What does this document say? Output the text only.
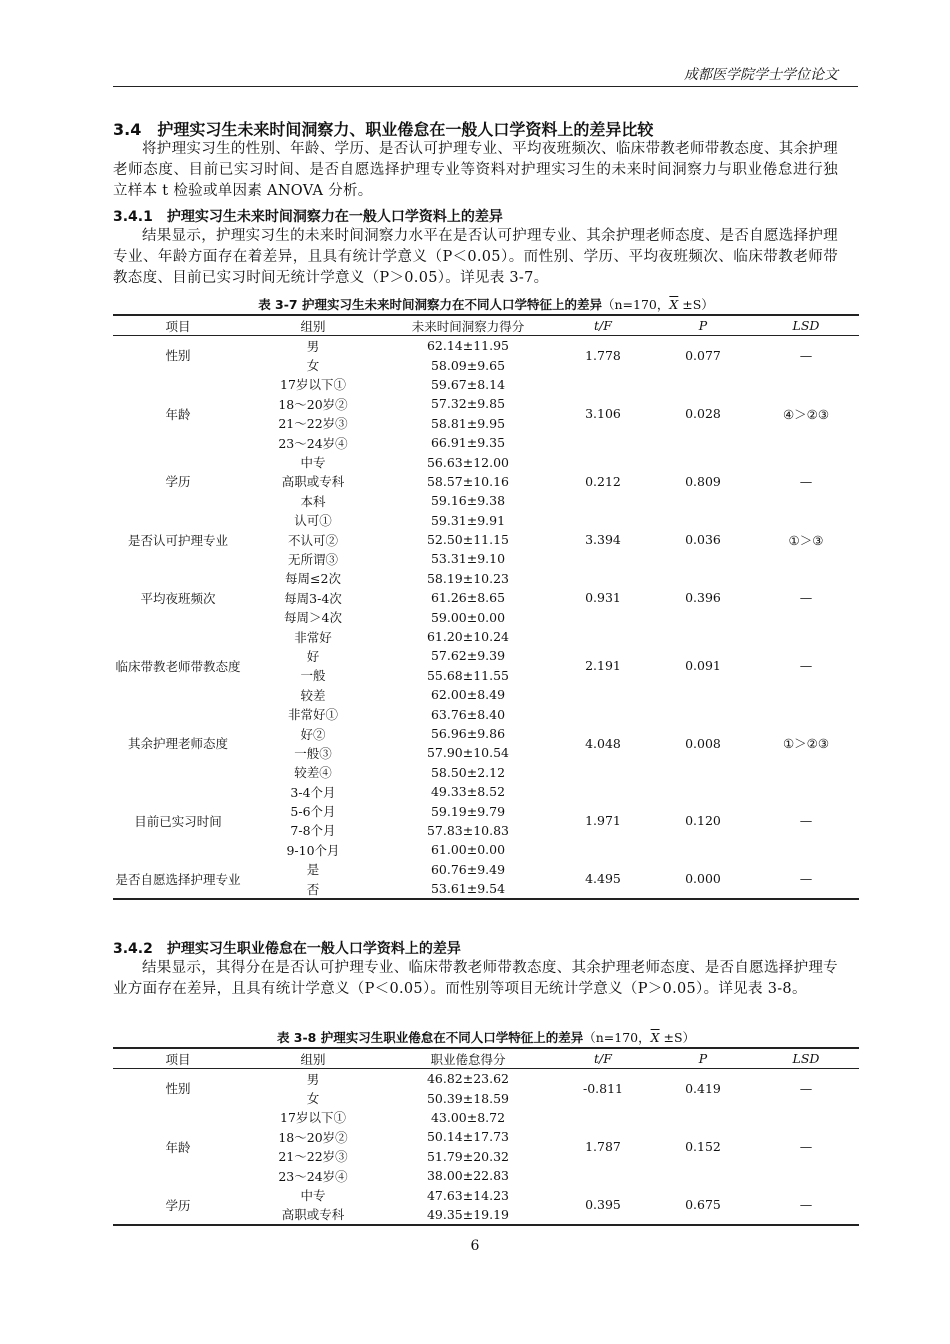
成都医学院学士学位论文
3.4　护理实习生未来时间洞察力、职业倦怠在一般人口学资料上的差异比较
将护理实习生的性别、年龄、学历、是否认可护理专业、平均夜班频次、临床带教老师带教态度、其余护理老师态度、目前已实习时间、是否自愿选择护理专业等资料对护理实习生的未来时间洞察力与职业倦怠进行独立样本 t 检验或单因素 ANOVA 分析。
3.4.1　护理实习生未来时间洞察力在一般人口学资料上的差异
结果显示，护理实习生的未来时间洞察力水平在是否认可护理专业、其余护理老师态度、是否自愿选择护理专业、年龄方面存在着差异，且具有统计学意义（P＜0.05）。而性别、学历、平均夜班频次、临床带教老师带教态度、目前已实习时间无统计学意义（P＞0.05）。详见表 3-7。
表 3-7 护理实习生未来时间洞察力在不同人口学特征上的差异（n=170，$\overline{X} \pm S$）
项目	组别	未来时间洞察力得分	t/F	P	LSD
性别	男	62.14±11.95	1.778	0.077	—
	女	58.09±9.65			
年龄	17岁以下①	59.67±8.14	3.106	0.028	④＞②③
	18～20岁②	57.32±9.85			
	21～22岁③	58.81±9.95			
	23～24岁④	66.91±9.35			
学历	中专	56.63±12.00	0.212	0.809	—
	高职或专科	58.57±10.16			
	本科	59.16±9.38			
是否认可护理专业	认可①	59.31±9.91	3.394	0.036	①＞③
	不认可②	52.50±11.15			
	无所谓③	53.31±9.10			
平均夜班频次	每周≤2次	58.19±10.23	0.931	0.396	—
	每周3-4次	61.26±8.65			
	每周＞4次	59.00±0.00			
临床带教老师带教态度	非常好	61.20±10.24	2.191	0.091	—
	好	57.62±9.39			
	一般	55.68±11.55			
	较差	62.00±8.49			
其余护理老师态度	非常好①	63.76±8.40	4.048	0.008	①＞②③
	好②	56.96±9.86			
	一般③	57.90±10.54			
	较差④	58.50±2.12			
目前已实习时间	3-4个月	49.33±8.52	1.971	0.120	—
	5-6个月	59.19±9.79			
	7-8个月	57.83±10.83			
	9-10个月	61.00±0.00			
是否自愿选择护理专业	是	60.76±9.49	4.495	0.000	—
	否	53.61±9.54			
3.4.2　护理实习生职业倦怠在一般人口学资料上的差异
结果显示，其得分在是否认可护理专业、临床带教老师带教态度、其余护理老师态度、是否自愿选择护理专业方面存在差异，且具有统计学意义（P＜0.05）。而性别等项目无统计学意义（P＞0.05）。详见表 3-8。
表 3-8 护理实习生职业倦怠在不同人口学特征上的差异（n=170，$\overline{X} \pm S$）
项目	组别	职业倦怠得分	t/F	P	LSD
性别	男	46.82±23.62	-0.811	0.419	—
	女	50.39±18.59			
年龄	17岁以下①	43.00±8.72	1.787	0.152	—
	18～20岁②	50.14±17.73			
	21～22岁③	51.79±20.32			
	23～24岁④	38.00±22.83			
学历	中专	47.63±14.23	0.395	0.675	—
	高职或专科	49.35±19.19			
6
